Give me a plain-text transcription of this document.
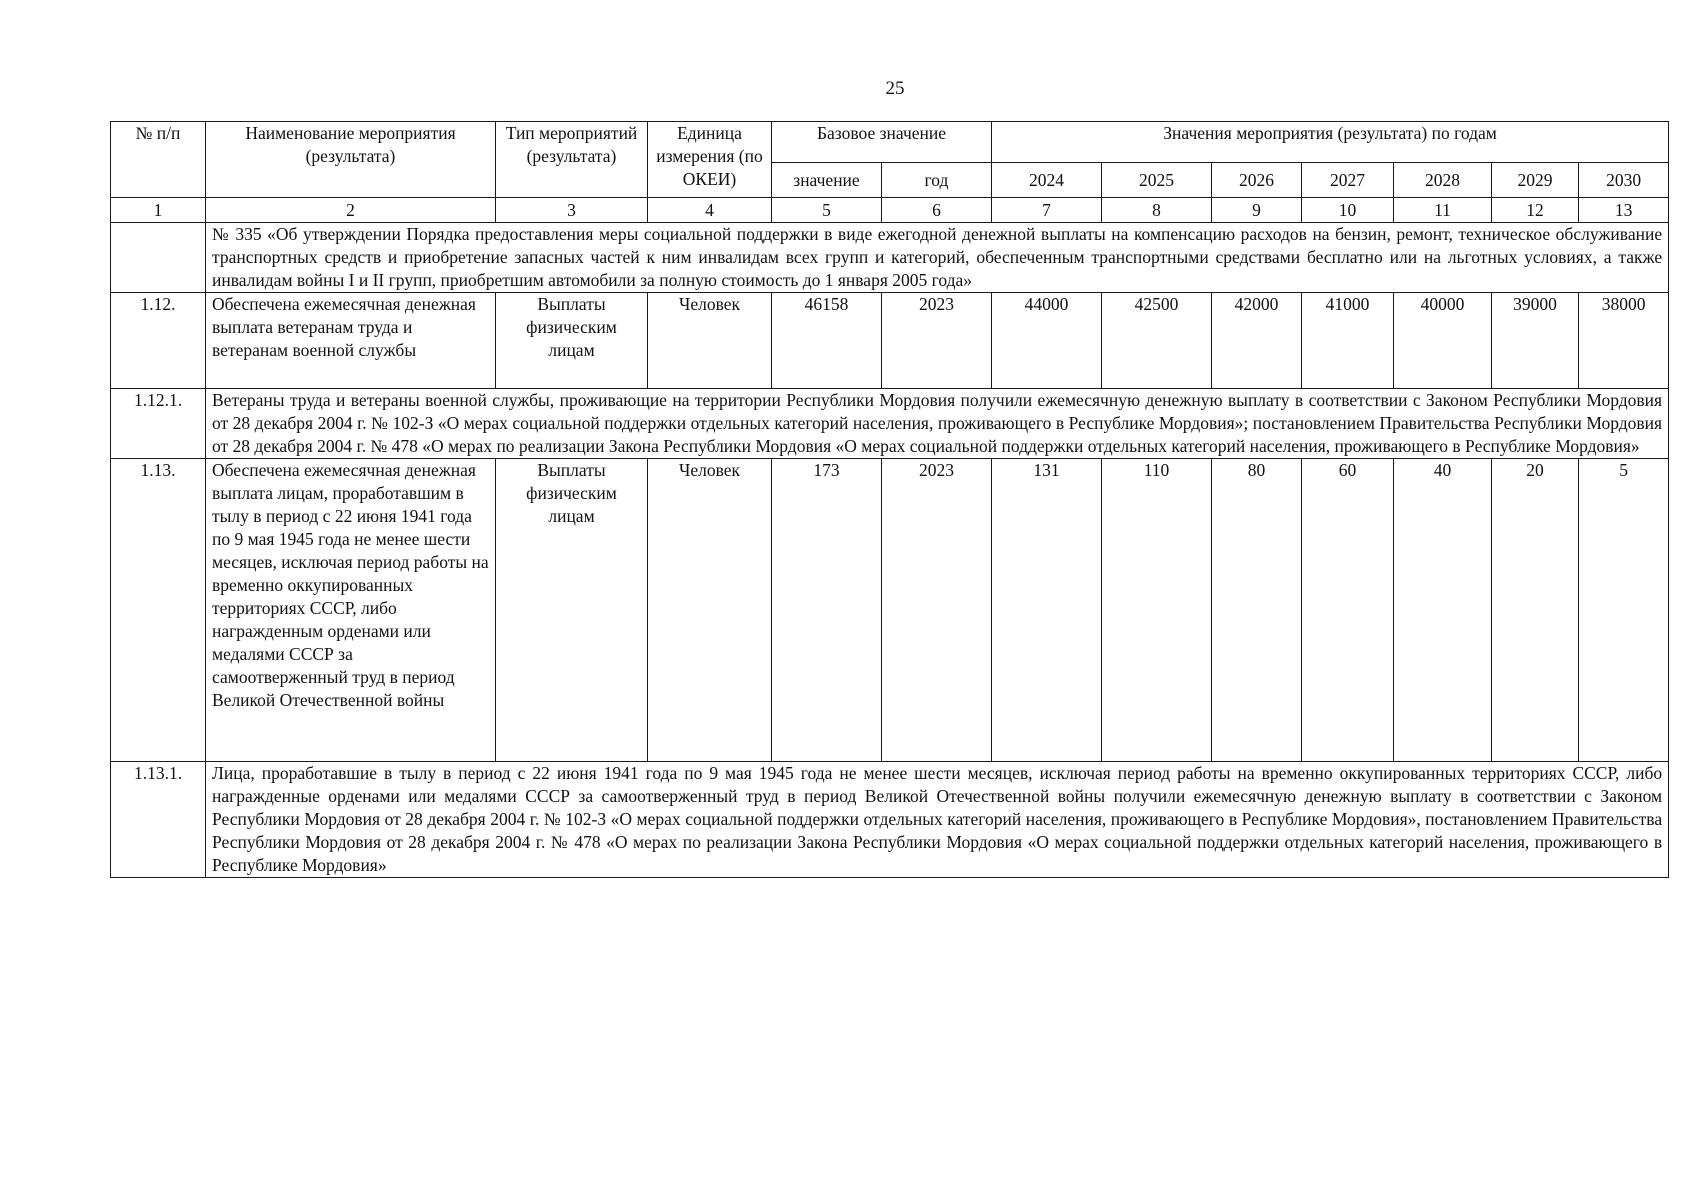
25
№ п/п	Наименование мероприятия (результата)	Тип мероприятий (результата)	Единица измерения (по ОКЕИ)	Базовое значение		Значения мероприятия (результата) по годам						
				значение	год	2024	2025	2026	2027	2028	2029	2030
1	2	3	4	5	6	7	8	9	10	11	12	13
	№ 335 «Об утверждении Порядка предоставления меры социальной поддержки в виде ежегодной денежной выплаты на компенсацию расходов на бензин, ремонт, техническое обслуживание транспортных средств и приобретение запасных частей к ним инвалидам всех групп и категорий, обеспеченным транспортными средствами бесплатно или на льготных условиях, а также инвалидам войны I и II групп, приобретшим автомобили за полную стоимость до 1 января 2005 года»											
1.12.	Обеспечена ежемесячная денежная выплата ветеранам труда и ветеранам военной службы	Выплаты физическим лицам	Человек	46158	2023	44000	42500	42000	41000	40000	39000	38000
1.12.1.	Ветераны труда и ветераны военной службы, проживающие на территории Республики Мордовия получили ежемесячную денежную выплату в соответствии с Законом Республики Мордовия от 28 декабря 2004 г. № 102-З «О мерах социальной поддержки отдельных категорий населения, проживающего в Республике Мордовия»; постановлением Правительства Республики Мордовия от 28 декабря 2004 г. № 478 «О мерах по реализации Закона Республики Мордовия «О мерах социальной поддержки отдельных категорий населения, проживающего в Республике Мордовия»											
1.13.	Обеспечена ежемесячная денежная выплата лицам, проработавшим в тылу в период с 22 июня 1941 года по 9 мая 1945 года не менее шести месяцев, исключая период работы на временно оккупированных территориях СССР, либо награжденным орденами или медалями СССР за самоотверженный труд в период Великой Отечественной войны	Выплаты физическим лицам	Человек	173	2023	131	110	80	60	40	20	5
1.13.1.	Лица, проработавшие в тылу в период с 22 июня 1941 года по 9 мая 1945 года не менее шести месяцев, исключая период работы на временно оккупированных территориях СССР, либо награжденные орденами или медалями СССР за самоотверженный труд в период Великой Отечественной войны получили ежемесячную денежную выплату в соответствии с Законом Республики Мордовия от 28 декабря 2004 г. № 102-З «О мерах социальной поддержки отдельных категорий населения, проживающего в Республике Мордовия», постановлением Правительства Республики Мордовия от 28 декабря 2004 г. № 478 «О мерах по реализации Закона Республики Мордовия «О мерах социальной поддержки отдельных категорий населения, проживающего в Республике Мордовия»											
